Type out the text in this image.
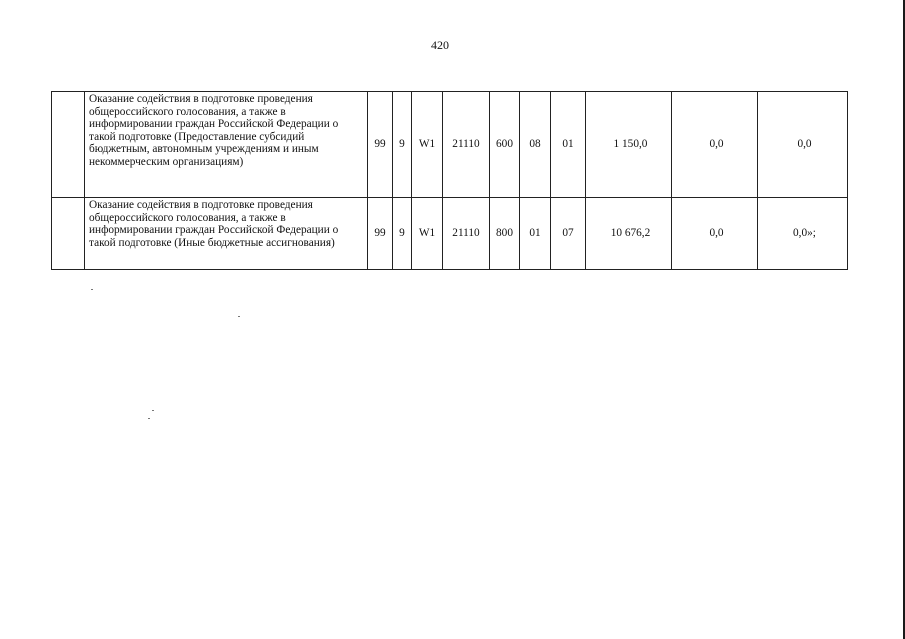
420
	Оказание содействия в подготовке проведения общероссийского голосования, а также в информировании граждан Российской Федерации о такой подготовке (Предоставление субсидий бюджетным, автономным учреждениям и иным некоммерческим организациям)	99	9	W1	21110	600	08	01	1 150,0	0,0	0,0
	Оказание содействия в подготовке проведения общероссийского голосования, а также в информировании граждан Российской Федерации о такой подготовке (Иные бюджетные ассигнования)	99	9	W1	21110	800	01	07	10 676,2	0,0	0,0»;
